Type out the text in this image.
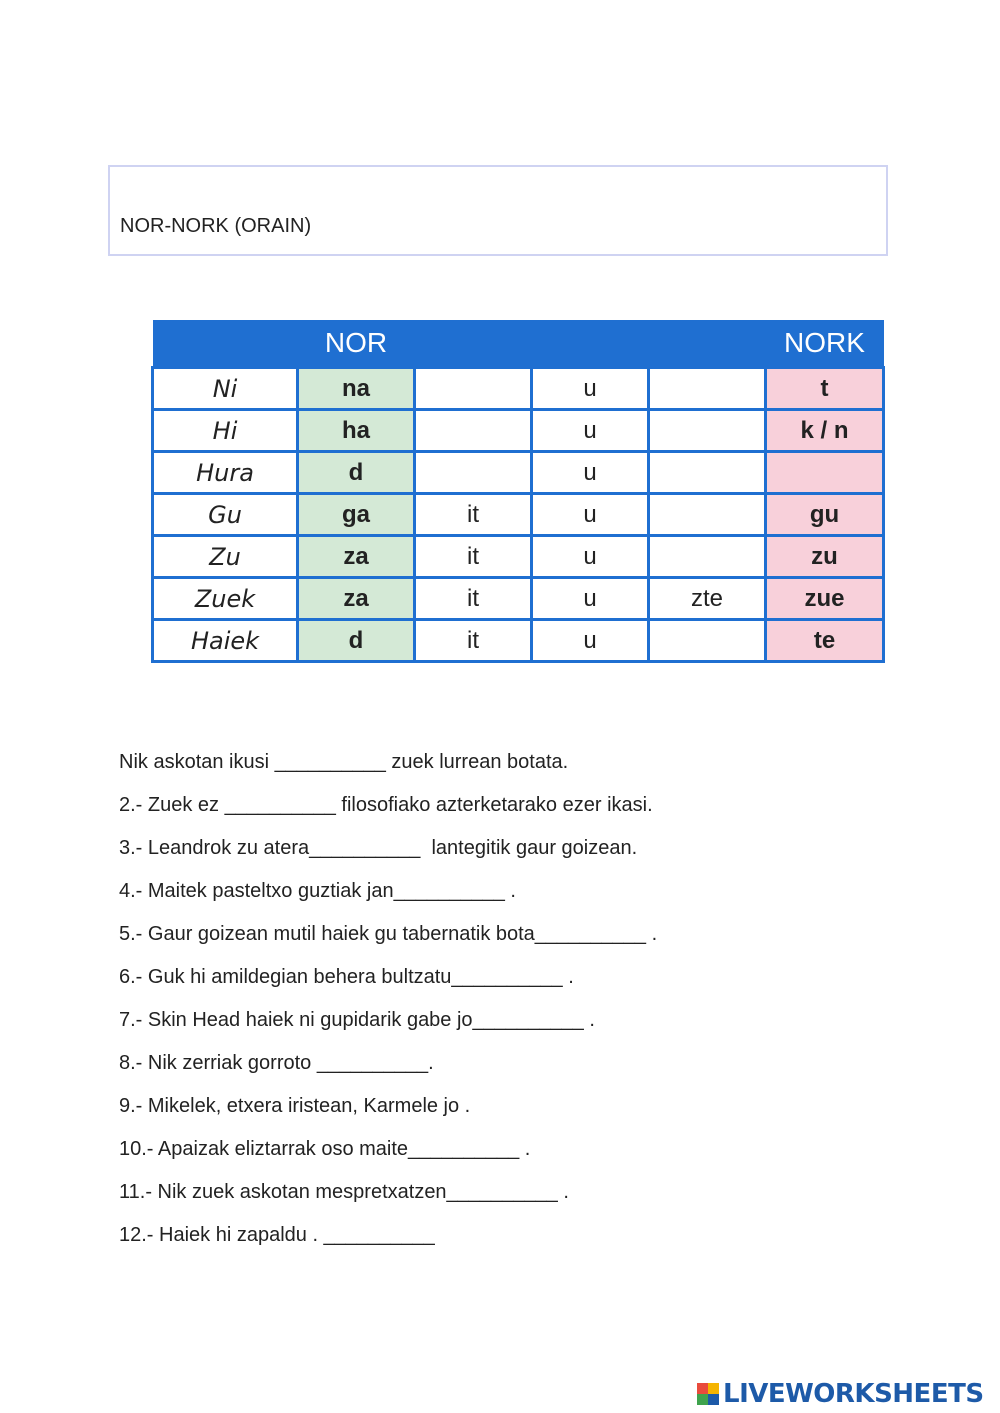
NOR-NORK (ORAIN)
	NOR				NORK
Ni	na		u		t
Hi	ha		u		k / n
Hura	d		u		
Gu	ga	it	u		gu
Zu	za	it	u		zu
Zuek	za	it	u	zte	zue
Haiek	d	it	u		te
Nik askotan ikusi __________ zuek lurrean botata.
2.- Zuek ez __________ filosofiako azterketarako ezer ikasi.
3.- Leandrok zu atera__________  lantegitik gaur goizean.
4.- Maitek pasteltxo guztiak jan__________ .
5.- Gaur goizean mutil haiek gu tabernatik bota__________ .
6.- Guk hi amildegian behera bultzatu__________ .
7.- Skin Head haiek ni gupidarik gabe jo__________ .
8.- Nik zerriak gorroto __________.
9.- Mikelek, etxera iristean, Karmele jo .
10.- Apaizak eliztarrak oso maite__________ .
11.- Nik zuek askotan mespretxatzen__________ .
12.- Haiek hi zapaldu . __________
LIVEWORKSHEETS
